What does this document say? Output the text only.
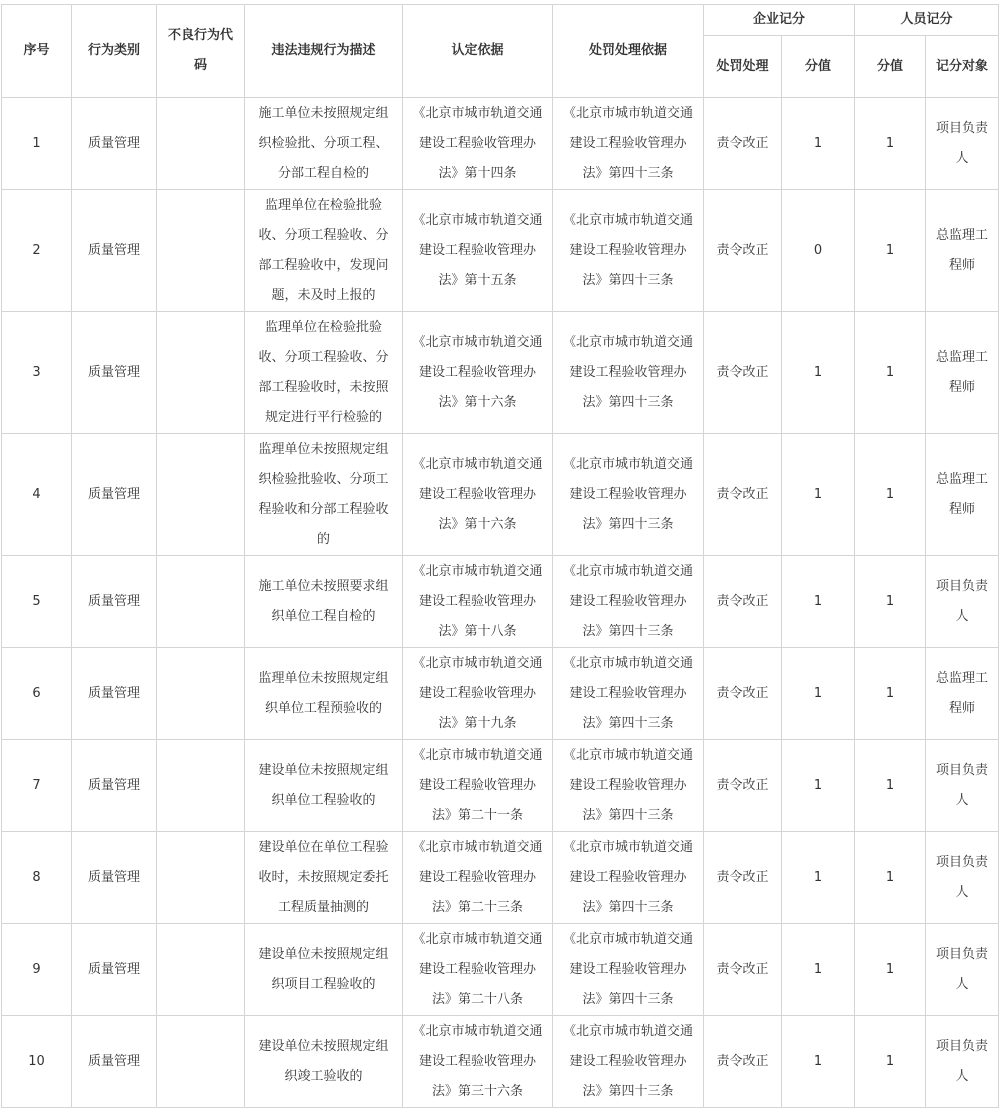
序号	行为类别	不良行为代码	违法违规行为描述	认定依据	处罚处理依据	企业记分		人员记分	
						处罚处理	分值	分值	记分对象
1	质量管理		施工单位未按照规定组织检验批、分项工程、分部工程自检的	《北京市城市轨道交通建设工程验收管理办法》第十四条	《北京市城市轨道交通建设工程验收管理办法》第四十三条	责令改正	1	1	项目负责人
2	质量管理		监理单位在检验批验收、分项工程验收、分部工程验收中，发现问题，未及时上报的	《北京市城市轨道交通建设工程验收管理办法》第十五条	《北京市城市轨道交通建设工程验收管理办法》第四十三条	责令改正	0	1	总监理工程师
3	质量管理		监理单位在检验批验收、分项工程验收、分部工程验收时，未按照规定进行平行检验的	《北京市城市轨道交通建设工程验收管理办法》第十六条	《北京市城市轨道交通建设工程验收管理办法》第四十三条	责令改正	1	1	总监理工程师
4	质量管理		监理单位未按照规定组织检验批验收、分项工程验收和分部工程验收的	《北京市城市轨道交通建设工程验收管理办法》第十六条	《北京市城市轨道交通建设工程验收管理办法》第四十三条	责令改正	1	1	总监理工程师
5	质量管理		施工单位未按照要求组织单位工程自检的	《北京市城市轨道交通建设工程验收管理办法》第十八条	《北京市城市轨道交通建设工程验收管理办法》第四十三条	责令改正	1	1	项目负责人
6	质量管理		监理单位未按照规定组织单位工程预验收的	《北京市城市轨道交通建设工程验收管理办法》第十九条	《北京市城市轨道交通建设工程验收管理办法》第四十三条	责令改正	1	1	总监理工程师
7	质量管理		建设单位未按照规定组织单位工程验收的	《北京市城市轨道交通建设工程验收管理办法》第二十一条	《北京市城市轨道交通建设工程验收管理办法》第四十三条	责令改正	1	1	项目负责人
8	质量管理		建设单位在单位工程验收时，未按照规定委托工程质量抽测的	《北京市城市轨道交通建设工程验收管理办法》第二十三条	《北京市城市轨道交通建设工程验收管理办法》第四十三条	责令改正	1	1	项目负责人
9	质量管理		建设单位未按照规定组织项目工程验收的	《北京市城市轨道交通建设工程验收管理办法》第二十八条	《北京市城市轨道交通建设工程验收管理办法》第四十三条	责令改正	1	1	项目负责人
10	质量管理		建设单位未按照规定组织竣工验收的	《北京市城市轨道交通建设工程验收管理办法》第三十六条	《北京市城市轨道交通建设工程验收管理办法》第四十三条	责令改正	1	1	项目负责人
